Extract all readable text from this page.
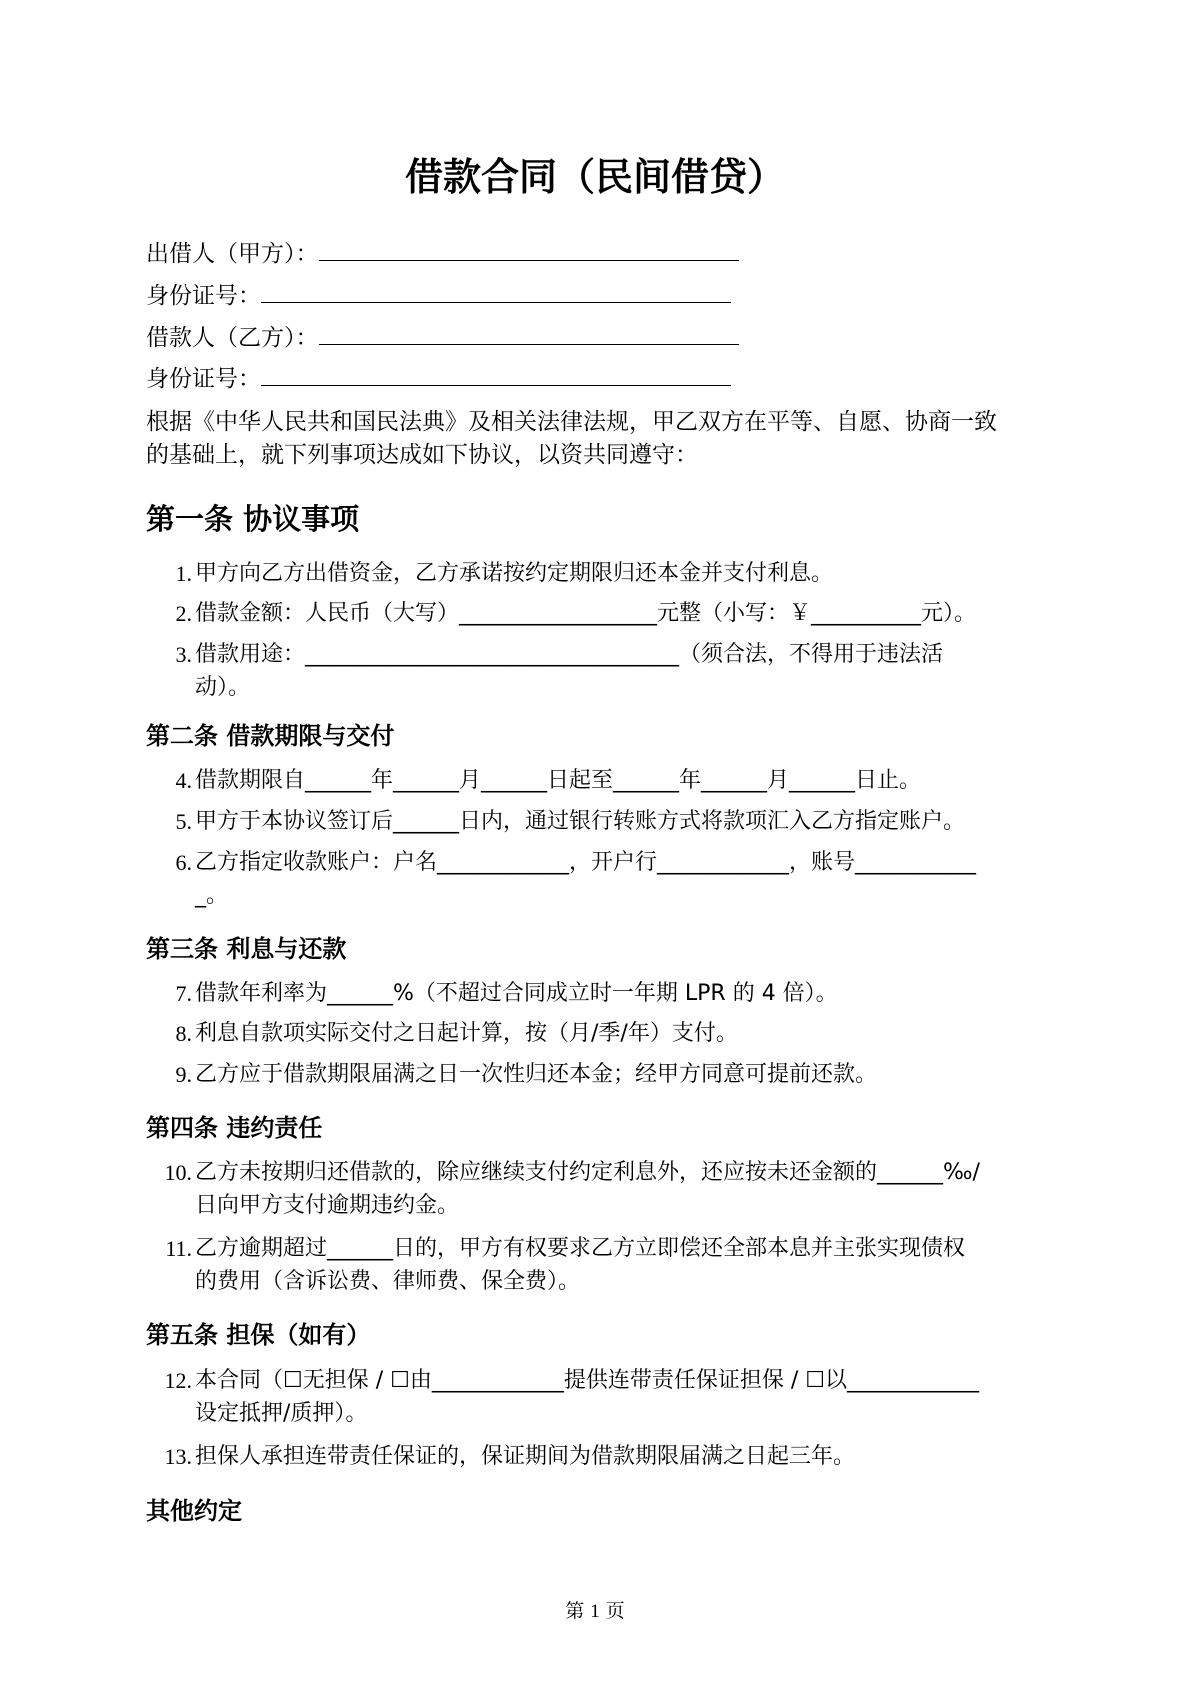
借款合同（民间借贷）

出借人（甲方）：

身份证号：

借款人（乙方）：

身份证号：

根据《中华人民共和国民法典》及相关法律法规，甲乙双方在平等、自愿、协商一致

的基础上，就下列事项达成如下协议，以资共同遵守：

第一条 协议事项
1. 甲方向乙方出借资金，乙方承诺按约定期限归还本金并支付利息。
2. 借款金额：人民币（大写）__________________元整（小写：￥__________元）。
3. 借款用途：__________________________________（须合法，不得用于违法活
动）。
第二条 借款期限与交付
4. 借款期限自______年______月______日起至______年______月______日止。
5. 甲方于本协议签订后______日内，通过银行转账方式将款项汇入乙方指定账户。
6. 乙方指定收款账户：户名____________，开户行____________，账号___________
_。
第三条 利息与还款
7. 借款年利率为______%（不超过合同成立时一年期 LPR 的 4 倍）。
8. 利息自款项实际交付之日起计算，按（月/季/年）支付。
9. 乙方应于借款期限届满之日一次性归还本金；经甲方同意可提前还款。
第四条 违约责任
10. 乙方未按期归还借款的，除应继续支付约定利息外，还应按未还金额的______‰/
日向甲方支付逾期违约金。
11. 乙方逾期超过______日的，甲方有权要求乙方立即偿还全部本息并主张实现债权
的费用（含诉讼费、律师费、保全费）。
第五条 担保（如有）
12. 本合同（☐无担保 / ☐由____________提供连带责任保证担保 / ☐以____________
设定抵押/质押）。
13. 担保人承担连带责任保证的，保证期间为借款期限届满之日起三年。
其他约定

第 1 页
